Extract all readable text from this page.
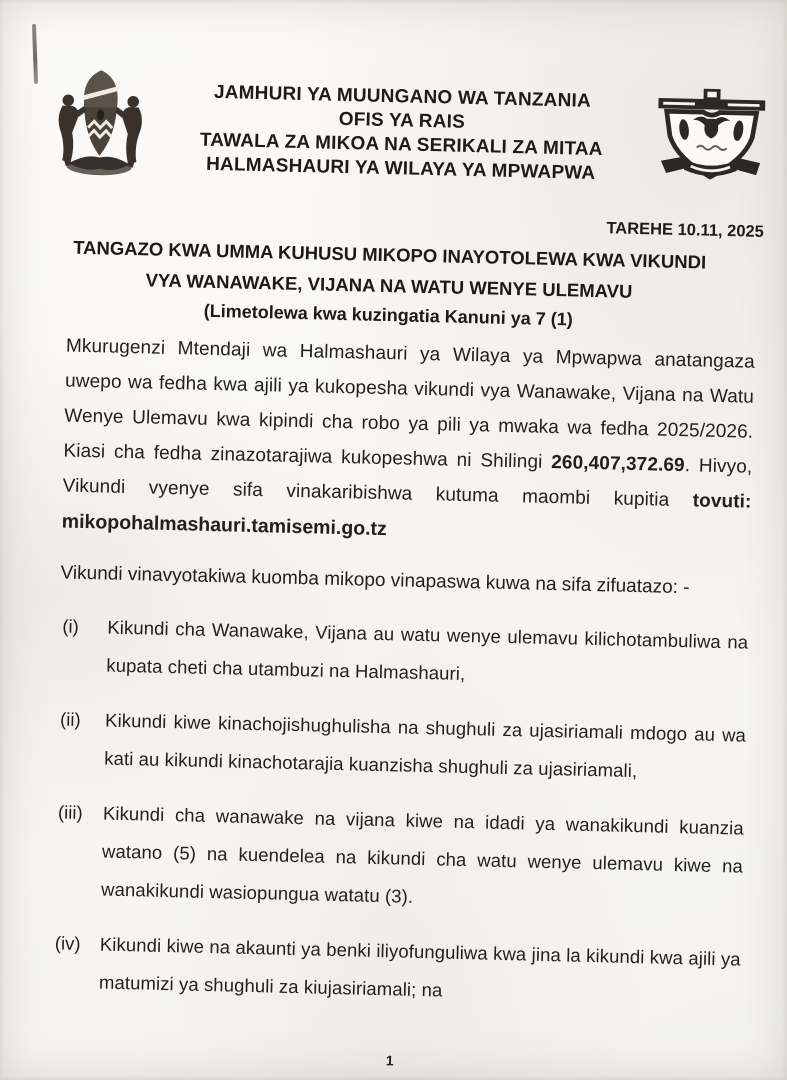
JAMHURI YA MUUNGANO WA TANZANIA
OFIS YA RAIS
TAWALA ZA MIKOA NA SERIKALI ZA MITAA
HALMASHAURI YA WILAYA YA MPWAPWA
TAREHE 10.11, 2025
TANGAZO KWA UMMA KUHUSU MIKOPO INAYOTOLEWA KWA VIKUNDI
VYA WANAWAKE, VIJANA NA WATU WENYE ULEMAVU
(Limetolewa kwa kuzingatia Kanuni ya 7 (1)

Mkurugenzi Mtendaji wa Halmashauri ya Wilaya ya Mpwapwa anatangaza uwepo wa fedha kwa ajili ya kukopesha vikundi vya Wanawake, Vijana na Watu Wenye Ulemavu kwa kipindi cha robo ya pili ya mwaka wa fedha 2025/2026. Kiasi cha fedha zinazotarajiwa kukopeshwa ni Shilingi 260,407,372.69. Hivyo, Vikundi vyenye sifa vinakaribishwa kutuma maombi kupitia tovuti:

mikopohalmashauri.tamisemi.go.tz

Vikundi vinavyotakiwa kuomba mikopo vinapaswa kuwa na sifa zifuatazo: -

(i)	Kikundi cha Wanawake, Vijana au watu wenye ulemavu kilichotambuliwa na kupata cheti cha utambuzi na Halmashauri,
(ii)	Kikundi kiwe kinachojishughulisha na shughuli za ujasiriamali mdogo au wa kati au kikundi kinachotarajia kuanzisha shughuli za ujasiriamali,
(iii)	Kikundi cha wanawake na vijana kiwe na idadi ya wanakikundi kuanzia watano (5) na kuendelea na kikundi cha watu wenye ulemavu kiwe na wanakikundi wasiopungua watatu (3).
(iv)	Kikundi kiwe na akaunti ya benki iliyofunguliwa kwa jina la kikundi kwa ajili ya matumizi ya shughuli za kiujasiriamali; na
1
